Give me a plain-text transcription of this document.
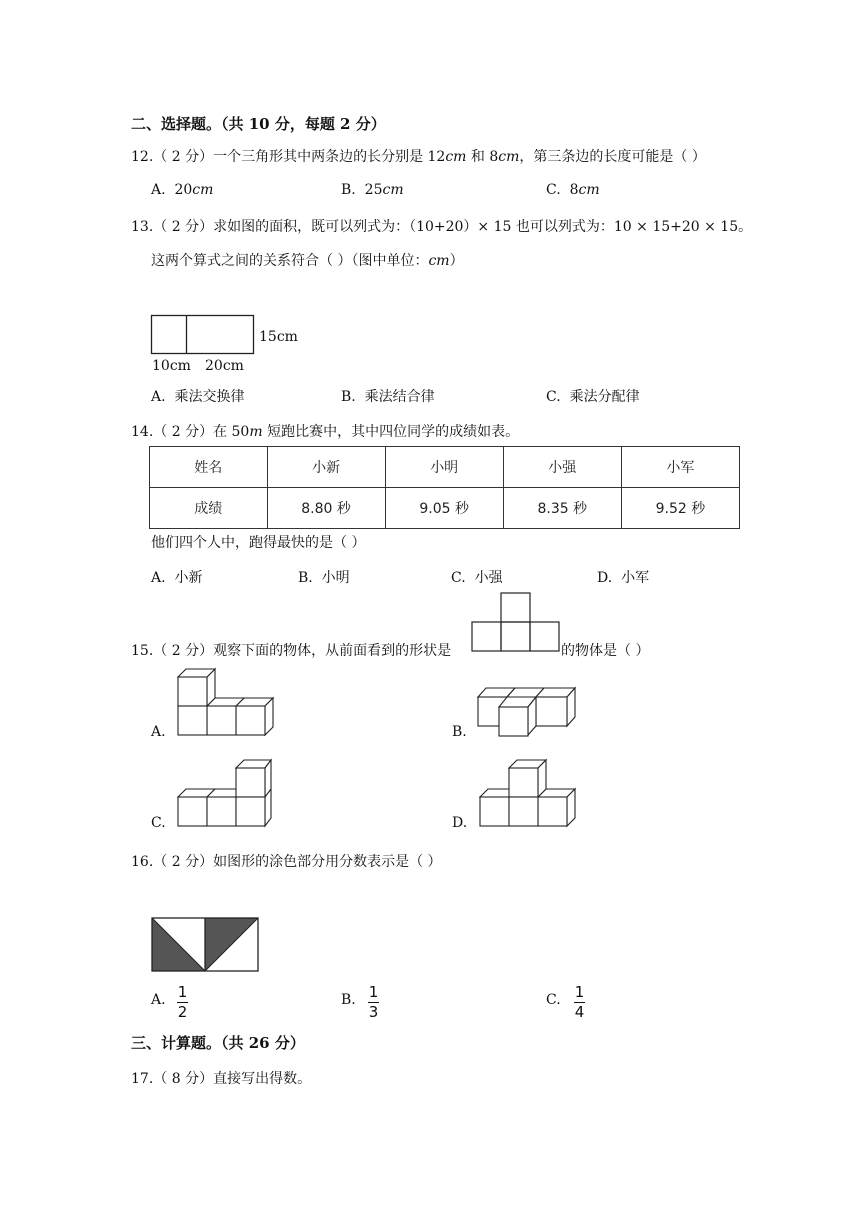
二、选择题。（共 10 分，每题 2 分）
12.（ 2 分）一个三角形其中两条边的长分别是 12cm 和 8cm，第三条边的长度可能是（ ）
A. 20cm	B. 25cm	C. 8cm
13.（ 2 分）求如图的面积，既可以列式为：（10+20）× 15 也可以列式为：10 × 15+20 × 15。
这两个算式之间的关系符合（ ）（图中单位：cm）
15cm
10cm 20cm
A. 乘法交换律	B. 乘法结合律	C. 乘法分配律
14.（ 2 分）在 50m 短跑比赛中，其中四位同学的成绩如表。
姓名	小新	小明	小强	小军
成绩	8.80 秒	9.05 秒	8.35 秒	9.52 秒
他们四个人中，跑得最快的是（ ）
A. 小新	B. 小明	C. 小强	D. 小军
15.（ 2 分）观察下面的物体，从前面看到的形状是	的物体是（ ）
A.	B.
C.	D.
16.（ 2 分）如图形的涂色部分用分数表示是（ ）
A. 1
2
B. 1
3
C. 1
4
三、计算题。（共 26 分）
17.（ 8 分）直接写出得数。
